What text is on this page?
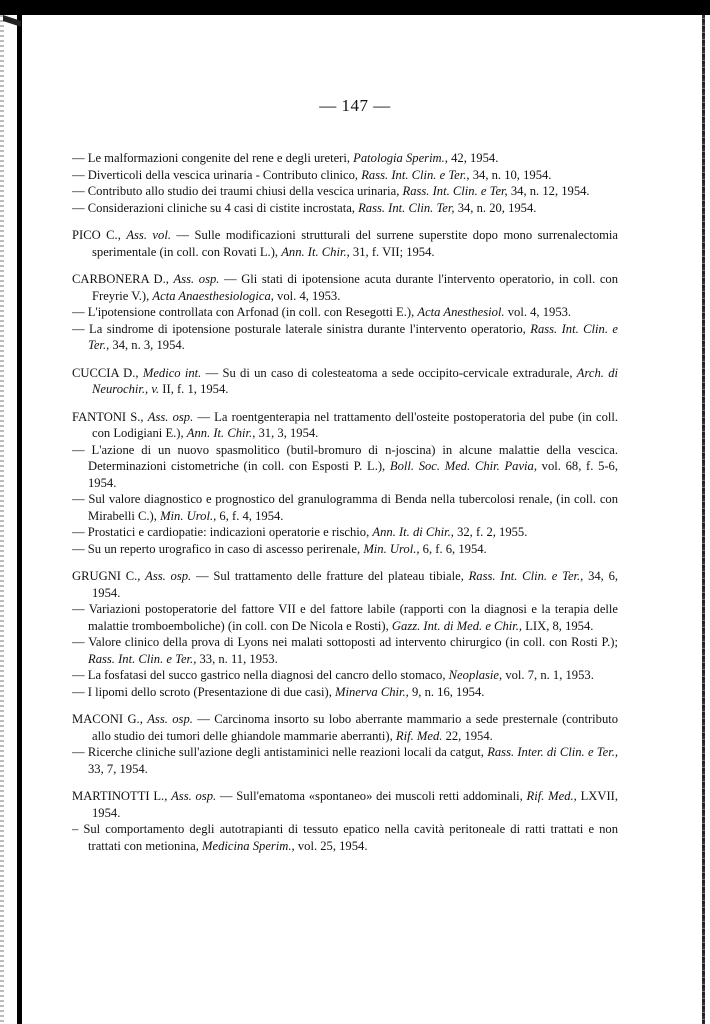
— 147 —
— Le malformazioni congenite del rene e degli ureteri, Patologia Sperim., 42, 1954.
— Diverticoli della vescica urinaria - Contributo clinico, Rass. Int. Clin. e Ter., 34, n. 10, 1954.
— Contributo allo studio dei traumi chiusi della vescica urinaria, Rass. Int. Clin. e Ter, 34, n. 12, 1954.
— Considerazioni cliniche su 4 casi di cistite incrostata, Rass. Int. Clin. Ter, 34, n. 20, 1954.
PICO C., Ass. vol. — Sulle modificazioni strutturali del surrene superstite dopo mono surrenalectomia sperimentale (in coll. con Rovati L.), Ann. It. Chir., 31, f. VII; 1954.
CARBONERA D., Ass. osp. — Gli stati di ipotensione acuta durante l'intervento operatorio, in coll. con Freyrie V.), Acta Anaesthesiologica, vol. 4, 1953.
— L'ipotensione controllata con Arfonad (in coll. con Resegotti E.), Acta Anesthesiol. vol. 4, 1953.
— La sindrome di ipotensione posturale laterale sinistra durante l'intervento operatorio, Rass. Int. Clin. e Ter., 34, n. 3, 1954.
CUCCIA D., Medico int. — Su di un caso di colesteatoma a sede occipito-cervicale extradurale, Arch. di Neurochir., v. II, f. 1, 1954.
FANTONI S., Ass. osp. — La roentgenterapia nel trattamento dell'osteite postoperatoria del pube (in coll. con Lodigiani E.), Ann. It. Chir., 31, 3, 1954.
— L'azione di un nuovo spasmolitico (butil-bromuro di n-joscina) in alcune malattie della vescica. Determinazioni cistometriche (in coll. con Esposti P. L.), Boll. Soc. Med. Chir. Pavia, vol. 68, f. 5-6, 1954.
— Sul valore diagnostico e prognostico del granulogramma di Benda nella tubercolosi renale, (in coll. con Mirabelli C.), Min. Urol., 6, f. 4, 1954.
— Prostatici e cardiopatie: indicazioni operatorie e rischio, Ann. It. di Chir., 32, f. 2, 1955.
— Su un reperto urografico in caso di ascesso perirenale, Min. Urol., 6, f. 6, 1954.
GRUGNI C., Ass. osp. — Sul trattamento delle fratture del plateau tibiale, Rass. Int. Clin. e Ter., 34, 6, 1954.
— Variazioni postoperatorie del fattore VII e del fattore labile (rapporti con la diagnosi e la terapia delle malattie tromboemboliche) (in coll. con De Nicola e Rosti), Gazz. Int. di Med. e Chir., LIX, 8, 1954.
— Valore clinico della prova di Lyons nei malati sottoposti ad intervento chirurgico (in coll. con Rosti P.); Rass. Int. Clin. e Ter., 33, n. 11, 1953.
— La fosfatasi del succo gastrico nella diagnosi del cancro dello stomaco, Neoplasie, vol. 7, n. 1, 1953.
— I lipomi dello scroto (Presentazione di due casi), Minerva Chir., 9, n. 16, 1954.
MACONI G., Ass. osp. — Carcinoma insorto su lobo aberrante mammario a sede presternale (contributo allo studio dei tumori delle ghiandole mammarie aberranti), Rif. Med. 22, 1954.
— Ricerche cliniche sull'azione degli antistaminici nelle reazioni locali da catgut, Rass. Inter. di Clin. e Ter., 33, 7, 1954.
MARTINOTTI L., Ass. osp. — Sull'ematoma «spontaneo» dei muscoli retti addominali, Rif. Med., LXVII, 1954.
– Sul comportamento degli autotrapianti di tessuto epatico nella cavità peritoneale di ratti trattati e non trattati con metionina, Medicina Sperim., vol. 25, 1954.
